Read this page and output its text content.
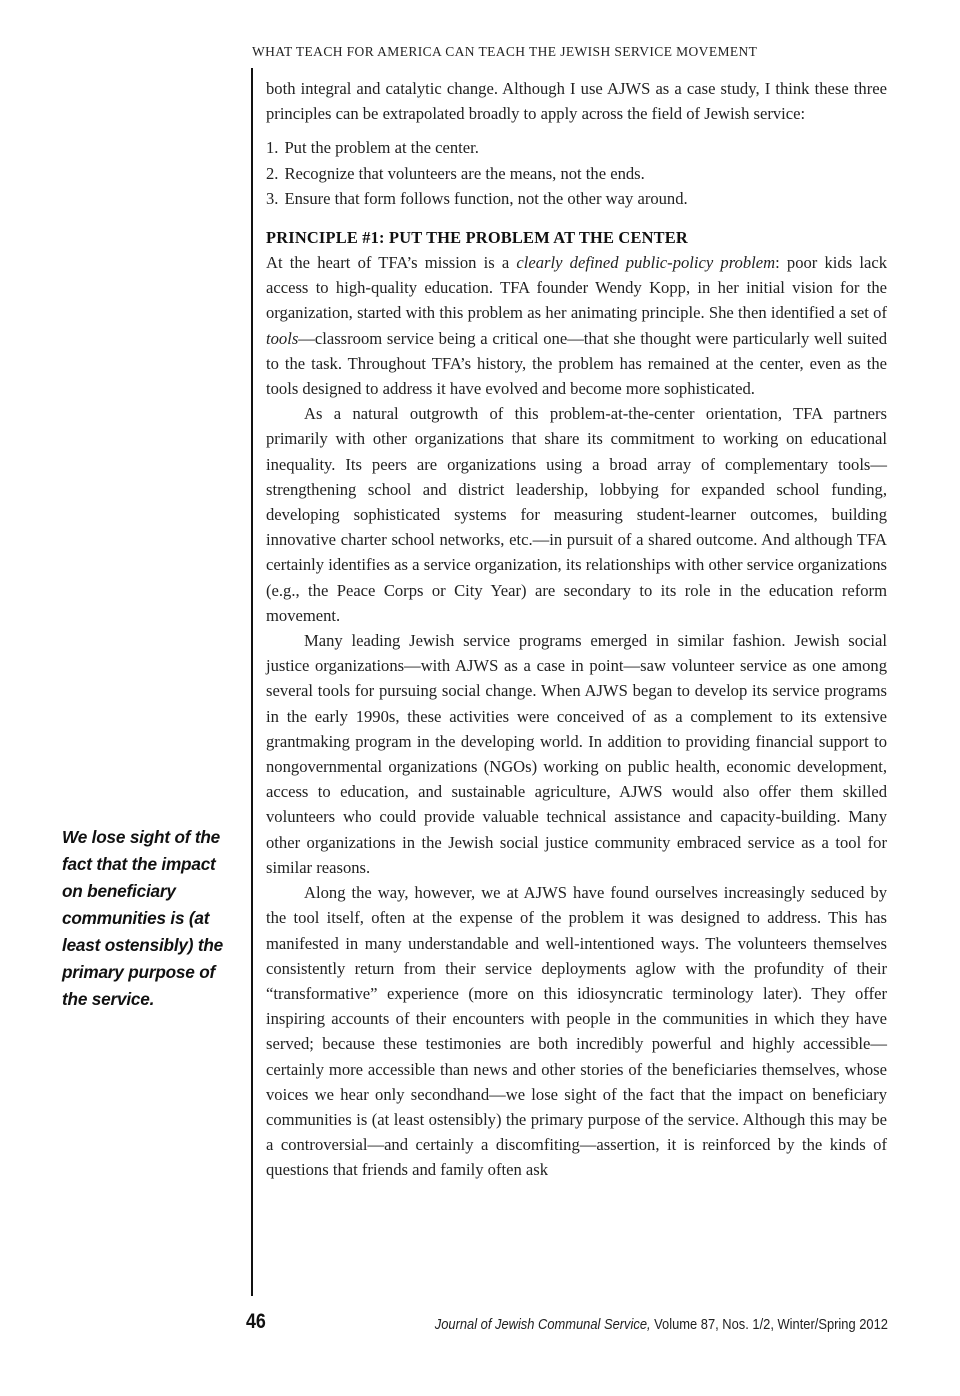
WHAT TEACH FOR AMERICA CAN TEACH THE JEWISH SERVICE MOVEMENT
We lose sight of the fact that the impact on beneficiary communities is (at least ostensibly) the primary purpose of the service.

both integral and catalytic change. Although I use AJWS as a case study, I think these three principles can be extrapolated broadly to apply across the field of Jewish service:

1. Put the problem at the center.
2. Recognize that volunteers are the means, not the ends.
3. Ensure that form follows function, not the other way around.
PRINCIPLE #1: PUT THE PROBLEM AT THE CENTER

At the heart of TFA’s mission is a clearly defined public-policy problem: poor kids lack access to high-quality education. TFA founder Wendy Kopp, in her initial vision for the organization, started with this problem as her animating principle. She then identified a set of tools—classroom service being a critical one—that she thought were particularly well suited to the task. Throughout TFA’s history, the problem has remained at the center, even as the tools designed to address it have evolved and become more sophisticated.

As a natural outgrowth of this problem-at-the-center orientation, TFA partners primarily with other organizations that share its commitment to working on educational inequality. Its peers are organizations using a broad array of complementary tools—strengthening school and district leadership, lobbying for expanded school funding, developing sophisticated systems for measuring student-learner outcomes, building innovative charter school networks, etc.—in pursuit of a shared outcome. And although TFA certainly identifies as a service organization, its relationships with other service organizations (e.g., the Peace Corps or City Year) are secondary to its role in the education reform movement.

Many leading Jewish service programs emerged in similar fashion. Jewish social justice organizations—with AJWS as a case in point—saw volunteer service as one among several tools for pursuing social change. When AJWS began to develop its service programs in the early 1990s, these activities were conceived of as a complement to its extensive grantmaking program in the developing world. In addition to providing financial support to nongovernmental organizations (NGOs) working on public health, economic development, access to education, and sustainable agriculture, AJWS would also offer them skilled volunteers who could provide valuable technical assistance and capacity-building. Many other organizations in the Jewish social justice community embraced service as a tool for similar reasons.

Along the way, however, we at AJWS have found ourselves increasingly seduced by the tool itself, often at the expense of the problem it was designed to address. This has manifested in many understandable and well-intentioned ways. The volunteers themselves consistently return from their service deployments aglow with the profundity of their “transformative” experience (more on this idiosyncratic terminology later). They offer inspiring accounts of their encounters with people in the communities in which they have served; because these testimonies are both incredibly powerful and highly accessible—certainly more accessible than news and other stories of the beneficiaries themselves, whose voices we hear only secondhand—we lose sight of the fact that the impact on beneficiary communities is (at least ostensibly) the primary purpose of the service. Although this may be a controversial—and certainly a discomfiting—assertion, it is reinforced by the kinds of questions that friends and family often ask

46	Journal of Jewish Communal Service, Volume 87, Nos. 1/2, Winter/Spring 2012
